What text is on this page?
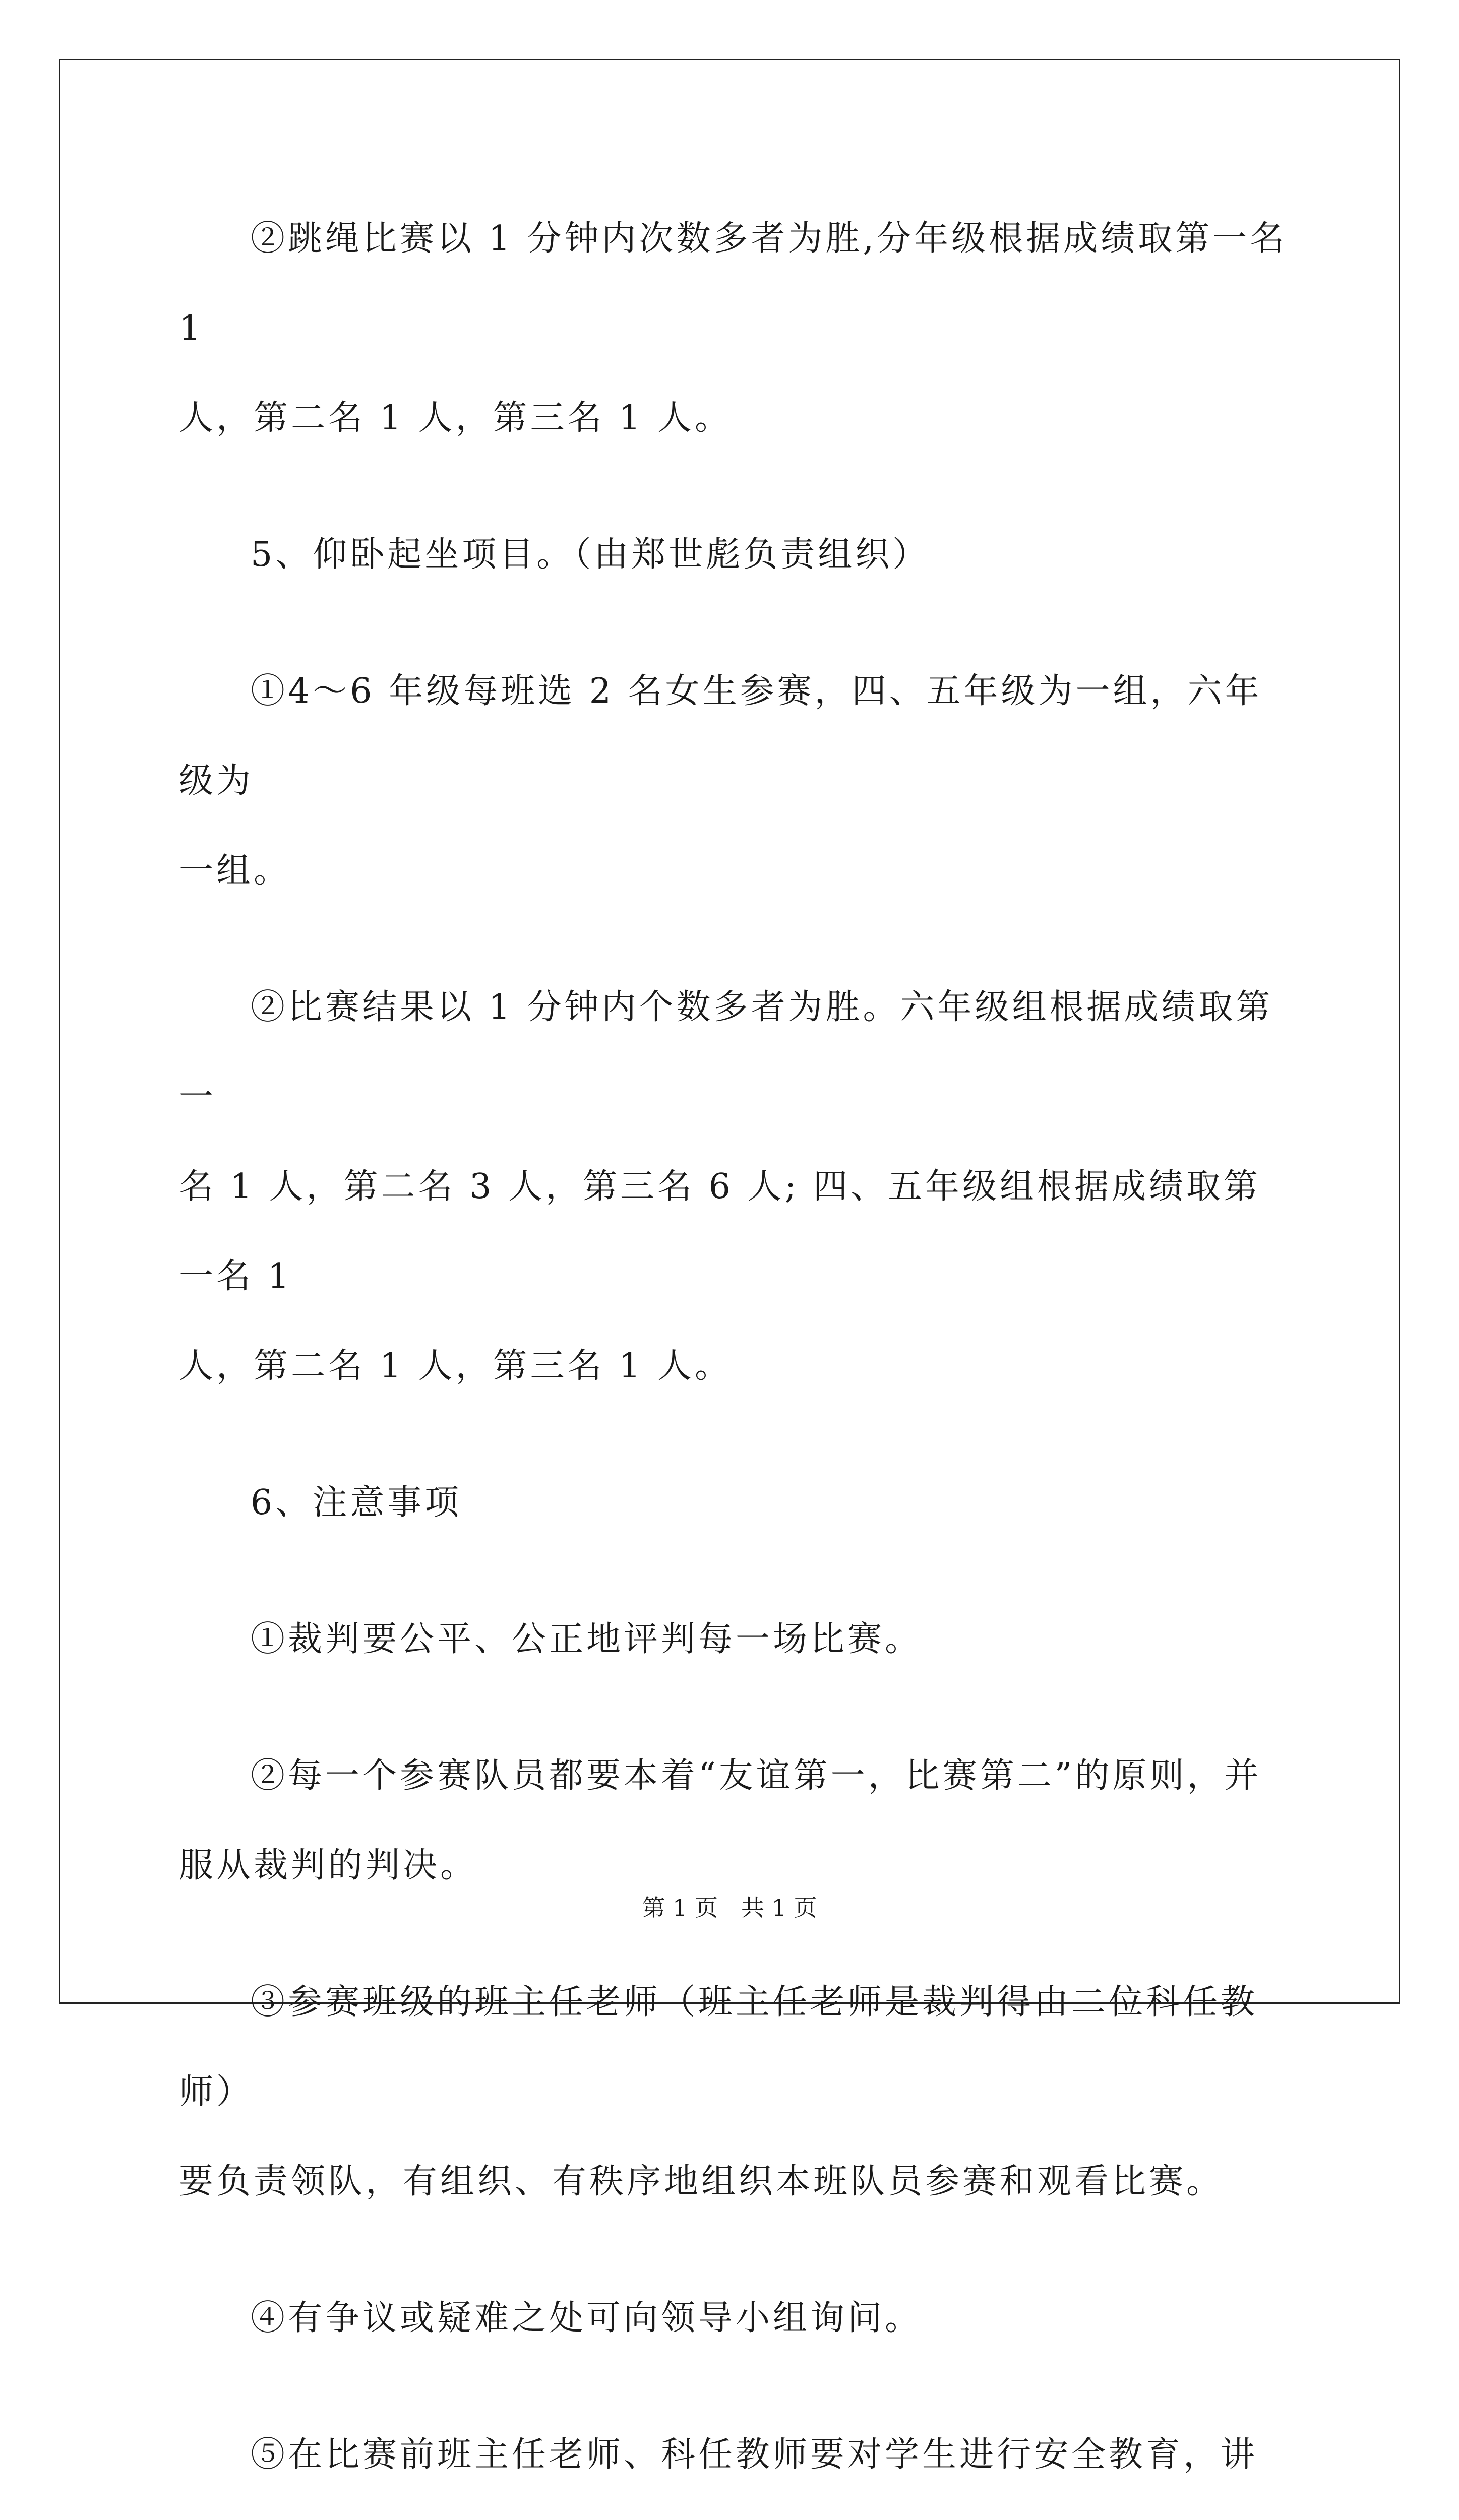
②跳绳比赛以 1 分钟内次数多者为胜,分年级根据成绩取第一名 1
人，第二名 1 人，第三名 1 人。

5、仰卧起坐项目。（由郑世彪负责组织）

①4～6 年级每班选 2 名女生参赛，四、五年级为一组，六年级为
一组。

②比赛结果以 1 分钟内个数多者为胜。六年级组根据成绩取第一
名 1 人，第二名 3 人，第三名 6 人; 四、五年级组根据成绩取第一名 1
人，第二名 1 人，第三名 1 人。

6、注意事项

①裁判要公平、公正地评判每一场比赛。

②每一个参赛队员都要本着“友谊第一，比赛第二”的原则，并
服从裁判的判决。

③参赛班级的班主任老师（班主任老师是裁判得由二位科任教师）
要负责领队，有组织、有秩序地组织本班队员参赛和观看比赛。

④有争议或疑难之处可向领导小组询问。

⑤在比赛前班主任老师、科任教师要对学生进行安全教育，讲

第 1 页　共 1 页
